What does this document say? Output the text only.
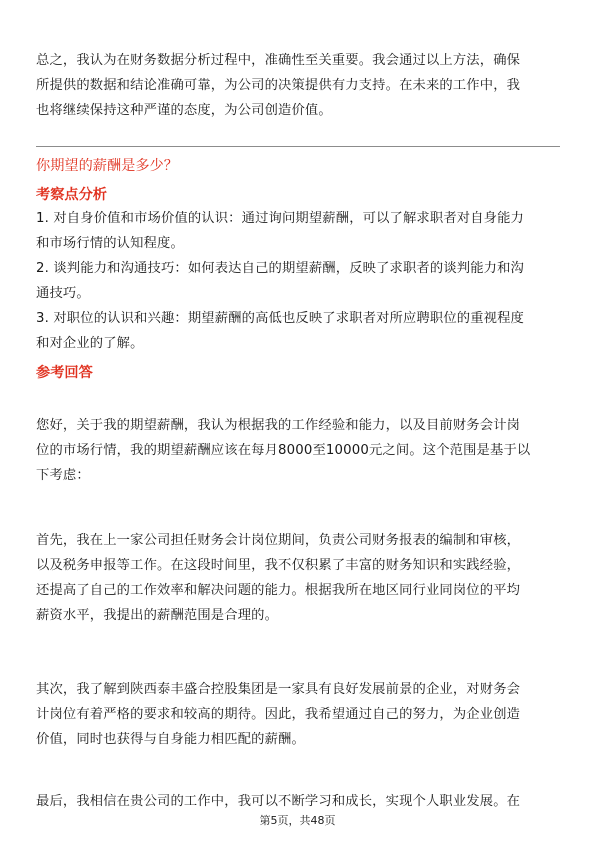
总之，我认为在财务数据分析过程中，准确性至关重要。我会通过以上方法，确保
所提供的数据和结论准确可靠，为公司的决策提供有力支持。在未来的工作中，我
也将继续保持这种严谨的态度，为公司创造价值。
你期望的薪酬是多少？
考察点分析
1. 对自身价值和市场价值的认识：通过询问期望薪酬，可以了解求职者对自身能力
和市场行情的认知程度。
2. 谈判能力和沟通技巧：如何表达自己的期望薪酬，反映了求职者的谈判能力和沟
通技巧。
3. 对职位的认识和兴趣：期望薪酬的高低也反映了求职者对所应聘职位的重视程度
和对企业的了解。
参考回答
您好，关于我的期望薪酬，我认为根据我的工作经验和能力，以及目前财务会计岗
位的市场行情，我的期望薪酬应该在每月8000至10000元之间。这个范围是基于以
下考虑：
首先，我在上一家公司担任财务会计岗位期间，负责公司财务报表的编制和审核，
以及税务申报等工作。在这段时间里，我不仅积累了丰富的财务知识和实践经验，
还提高了自己的工作效率和解决问题的能力。根据我所在地区同行业同岗位的平均
薪资水平，我提出的薪酬范围是合理的。
其次，我了解到陕西泰丰盛合控股集团是一家具有良好发展前景的企业，对财务会
计岗位有着严格的要求和较高的期待。因此，我希望通过自己的努力，为企业创造
价值，同时也获得与自身能力相匹配的薪酬。
最后，我相信在贵公司的工作中，我可以不断学习和成长，实现个人职业发展。在
第5页，共48页
